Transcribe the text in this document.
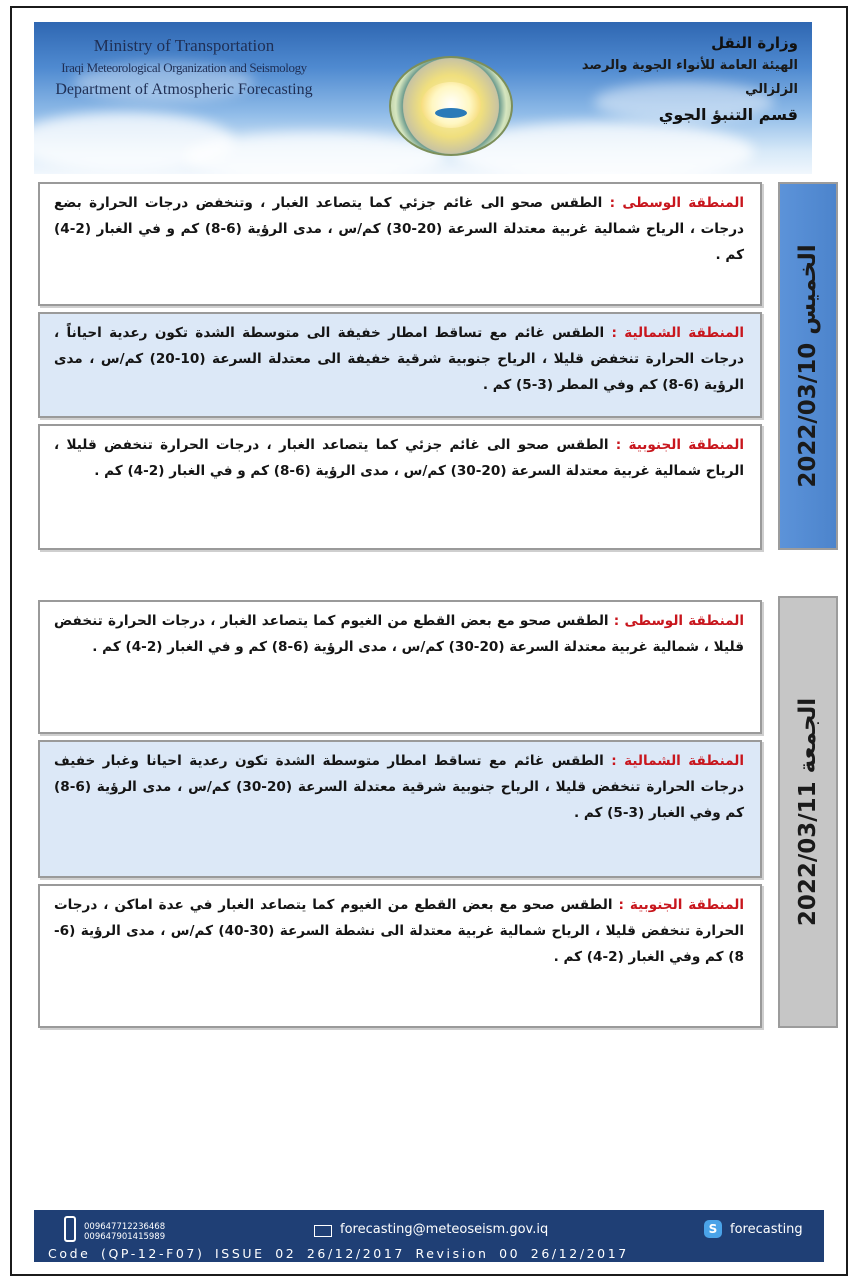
Ministry of Transportation
Iraqi Meteorological Organization and Seismology
Department of Atmospheric Forecasting
وزارة النقل
الهيئة العامة للأنواء الجوية والرصد الزلزالي
قسم التنبؤ الجوي
المنطقة الوسطى : الطقس صحو الى غائم جزئي كما يتصاعد الغبار ، وتنخفض درجات الحرارة بضع درجات ، الرياح شمالية غربية معتدلة السرعة (20-30) كم/س ، مدى الرؤية (6-8) كم و في الغبار (2-4) كم .
المنطقة الشمالية : الطقس غائم مع تساقط امطار خفيفة الى متوسطة الشدة تكون رعدية احياناً ، درجات الحرارة تنخفض قليلا ، الرياح جنوبية شرقية خفيفة الى معتدلة السرعة (10-20) كم/س ، مدى الرؤية (6-8) كم وفي المطر (3-5) كم .
المنطقة الجنوبية : الطقس صحو الى غائم جزئي كما يتصاعد الغبار ، درجات الحرارة تنخفض قليلا ، الرياح شمالية غربية معتدلة السرعة (20-30) كم/س ، مدى الرؤية (6-8) كم و في الغبار (2-4) كم .	الخميس 2022/03/10
المنطقة الوسطى : الطقس صحو مع بعض القطع من الغيوم كما يتصاعد الغبار ، درجات الحرارة تنخفض قليلا ، شمالية غربية معتدلة السرعة (20-30) كم/س ، مدى الرؤية (6-8) كم و في الغبار (2-4) كم .
المنطقة الشمالية : الطقس غائم مع تساقط امطار متوسطة الشدة تكون رعدية احيانا وغبار خفيف درجات الحرارة تنخفض قليلا ، الرياح جنوبية شرقية معتدلة السرعة (20-30) كم/س ، مدى الرؤية (6-8) كم وفي الغبار (3-5) كم .
المنطقة الجنوبية : الطقس صحو مع بعض القطع من الغيوم كما يتصاعد الغبار في عدة اماكن ، درجات الحرارة تنخفض قليلا ، الرياح شمالية غربية معتدلة الى نشطة السرعة (30-40) كم/س ، مدى الرؤية (6-8) كم وفي الغبار (2-4) كم .
الجمعة 2022/03/11
009647712236468
009647901415989	forecasting@meteoseism.gov.iq	S forecasting
Code (QP-12-F07) ISSUE 02 26/12/2017 Revision 00 26/12/2017
